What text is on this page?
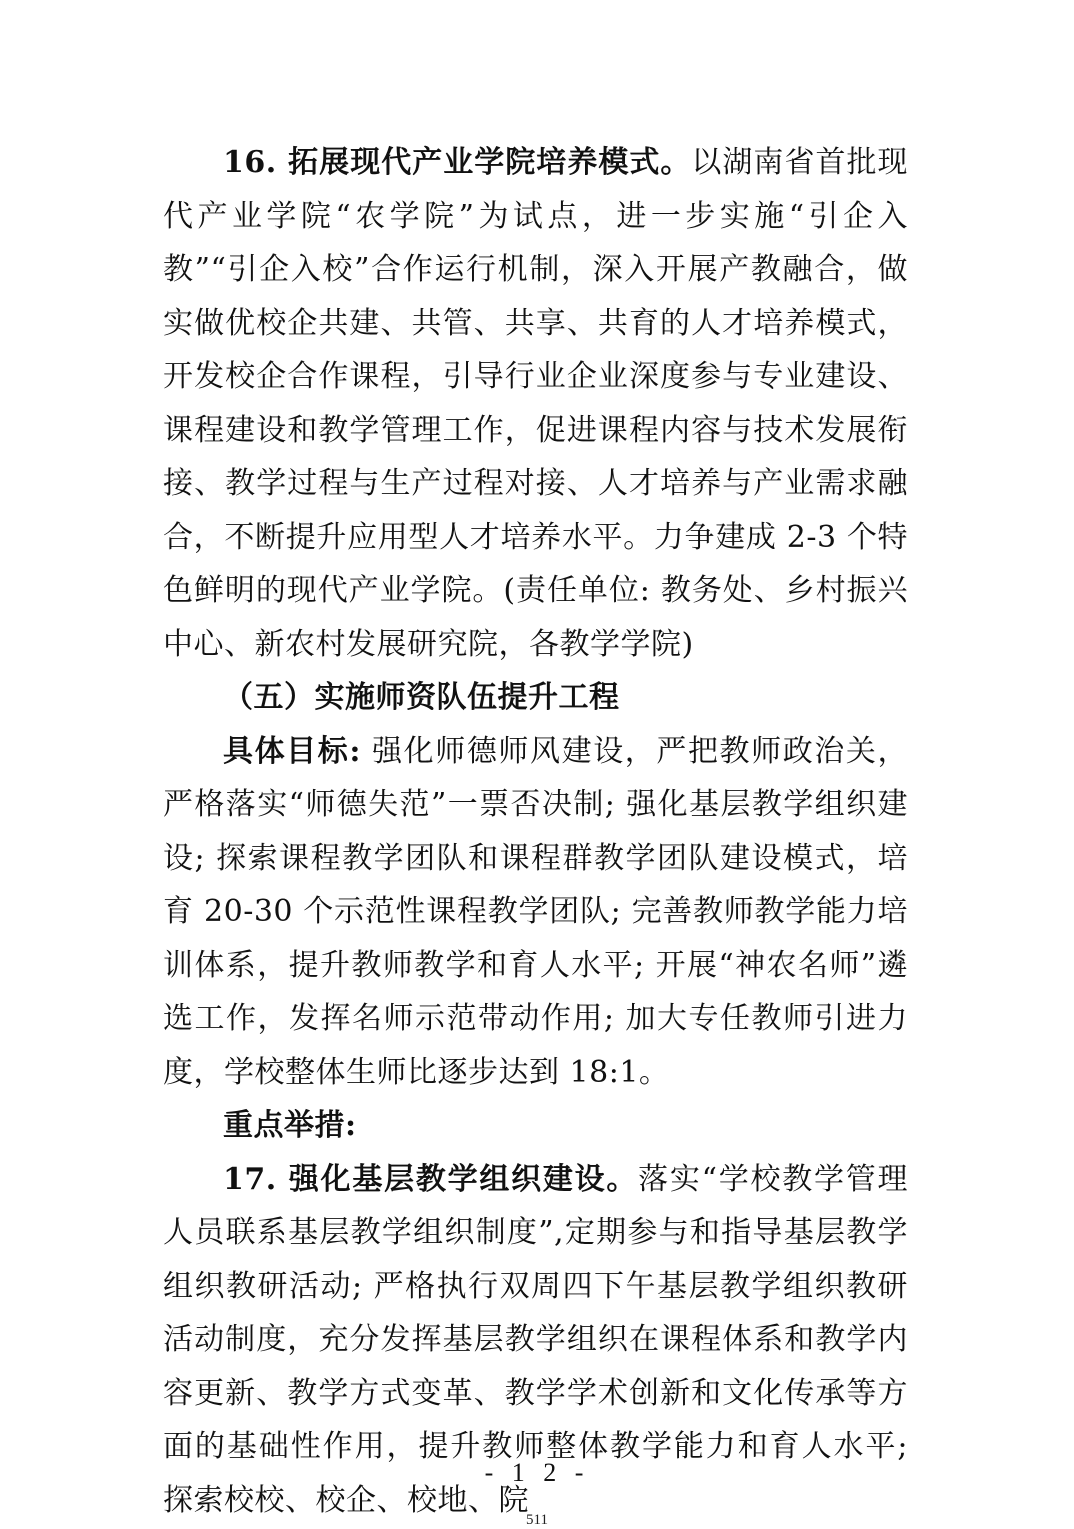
16. 拓展现代产业学院培养模式。以湖南省首批现代产业学院“农学院”为试点，进一步实施“引企入教”“引企入校”合作运行机制，深入开展产教融合，做实做优校企共建、共管、共享、共育的人才培养模式，开发校企合作课程，引导行业企业深度参与专业建设、课程建设和教学管理工作，促进课程内容与技术发展衔接、教学过程与生产过程对接、人才培养与产业需求融合，不断提升应用型人才培养水平。力争建成 2-3 个特色鲜明的现代产业学院。(责任单位: 教务处、乡村振兴中心、新农村发展研究院，各教学学院)

（五）实施师资队伍提升工程

具体目标: 强化师德师风建设，严把教师政治关，严格落实“师德失范”一票否决制; 强化基层教学组织建设; 探索课程教学团队和课程群教学团队建设模式，培育 20-30 个示范性课程教学团队; 完善教师教学能力培训体系，提升教师教学和育人水平; 开展“神农名师”遴选工作，发挥名师示范带动作用; 加大专任教师引进力度，学校整体生师比逐步达到 18:1。

重点举措:

17. 强化基层教学组织建设。落实“学校教学管理人员联系基层教学组织制度”,定期参与和指导基层教学组织教研活动; 严格执行双周四下午基层教学组织教研活动制度，充分发挥基层教学组织在课程体系和教学内容更新、教学方式变革、教学学术创新和文化传承等方面的基础性作用，提升教师整体教学能力和育人水平; 探索校校、校企、校地、院

- 1 2 -
511
